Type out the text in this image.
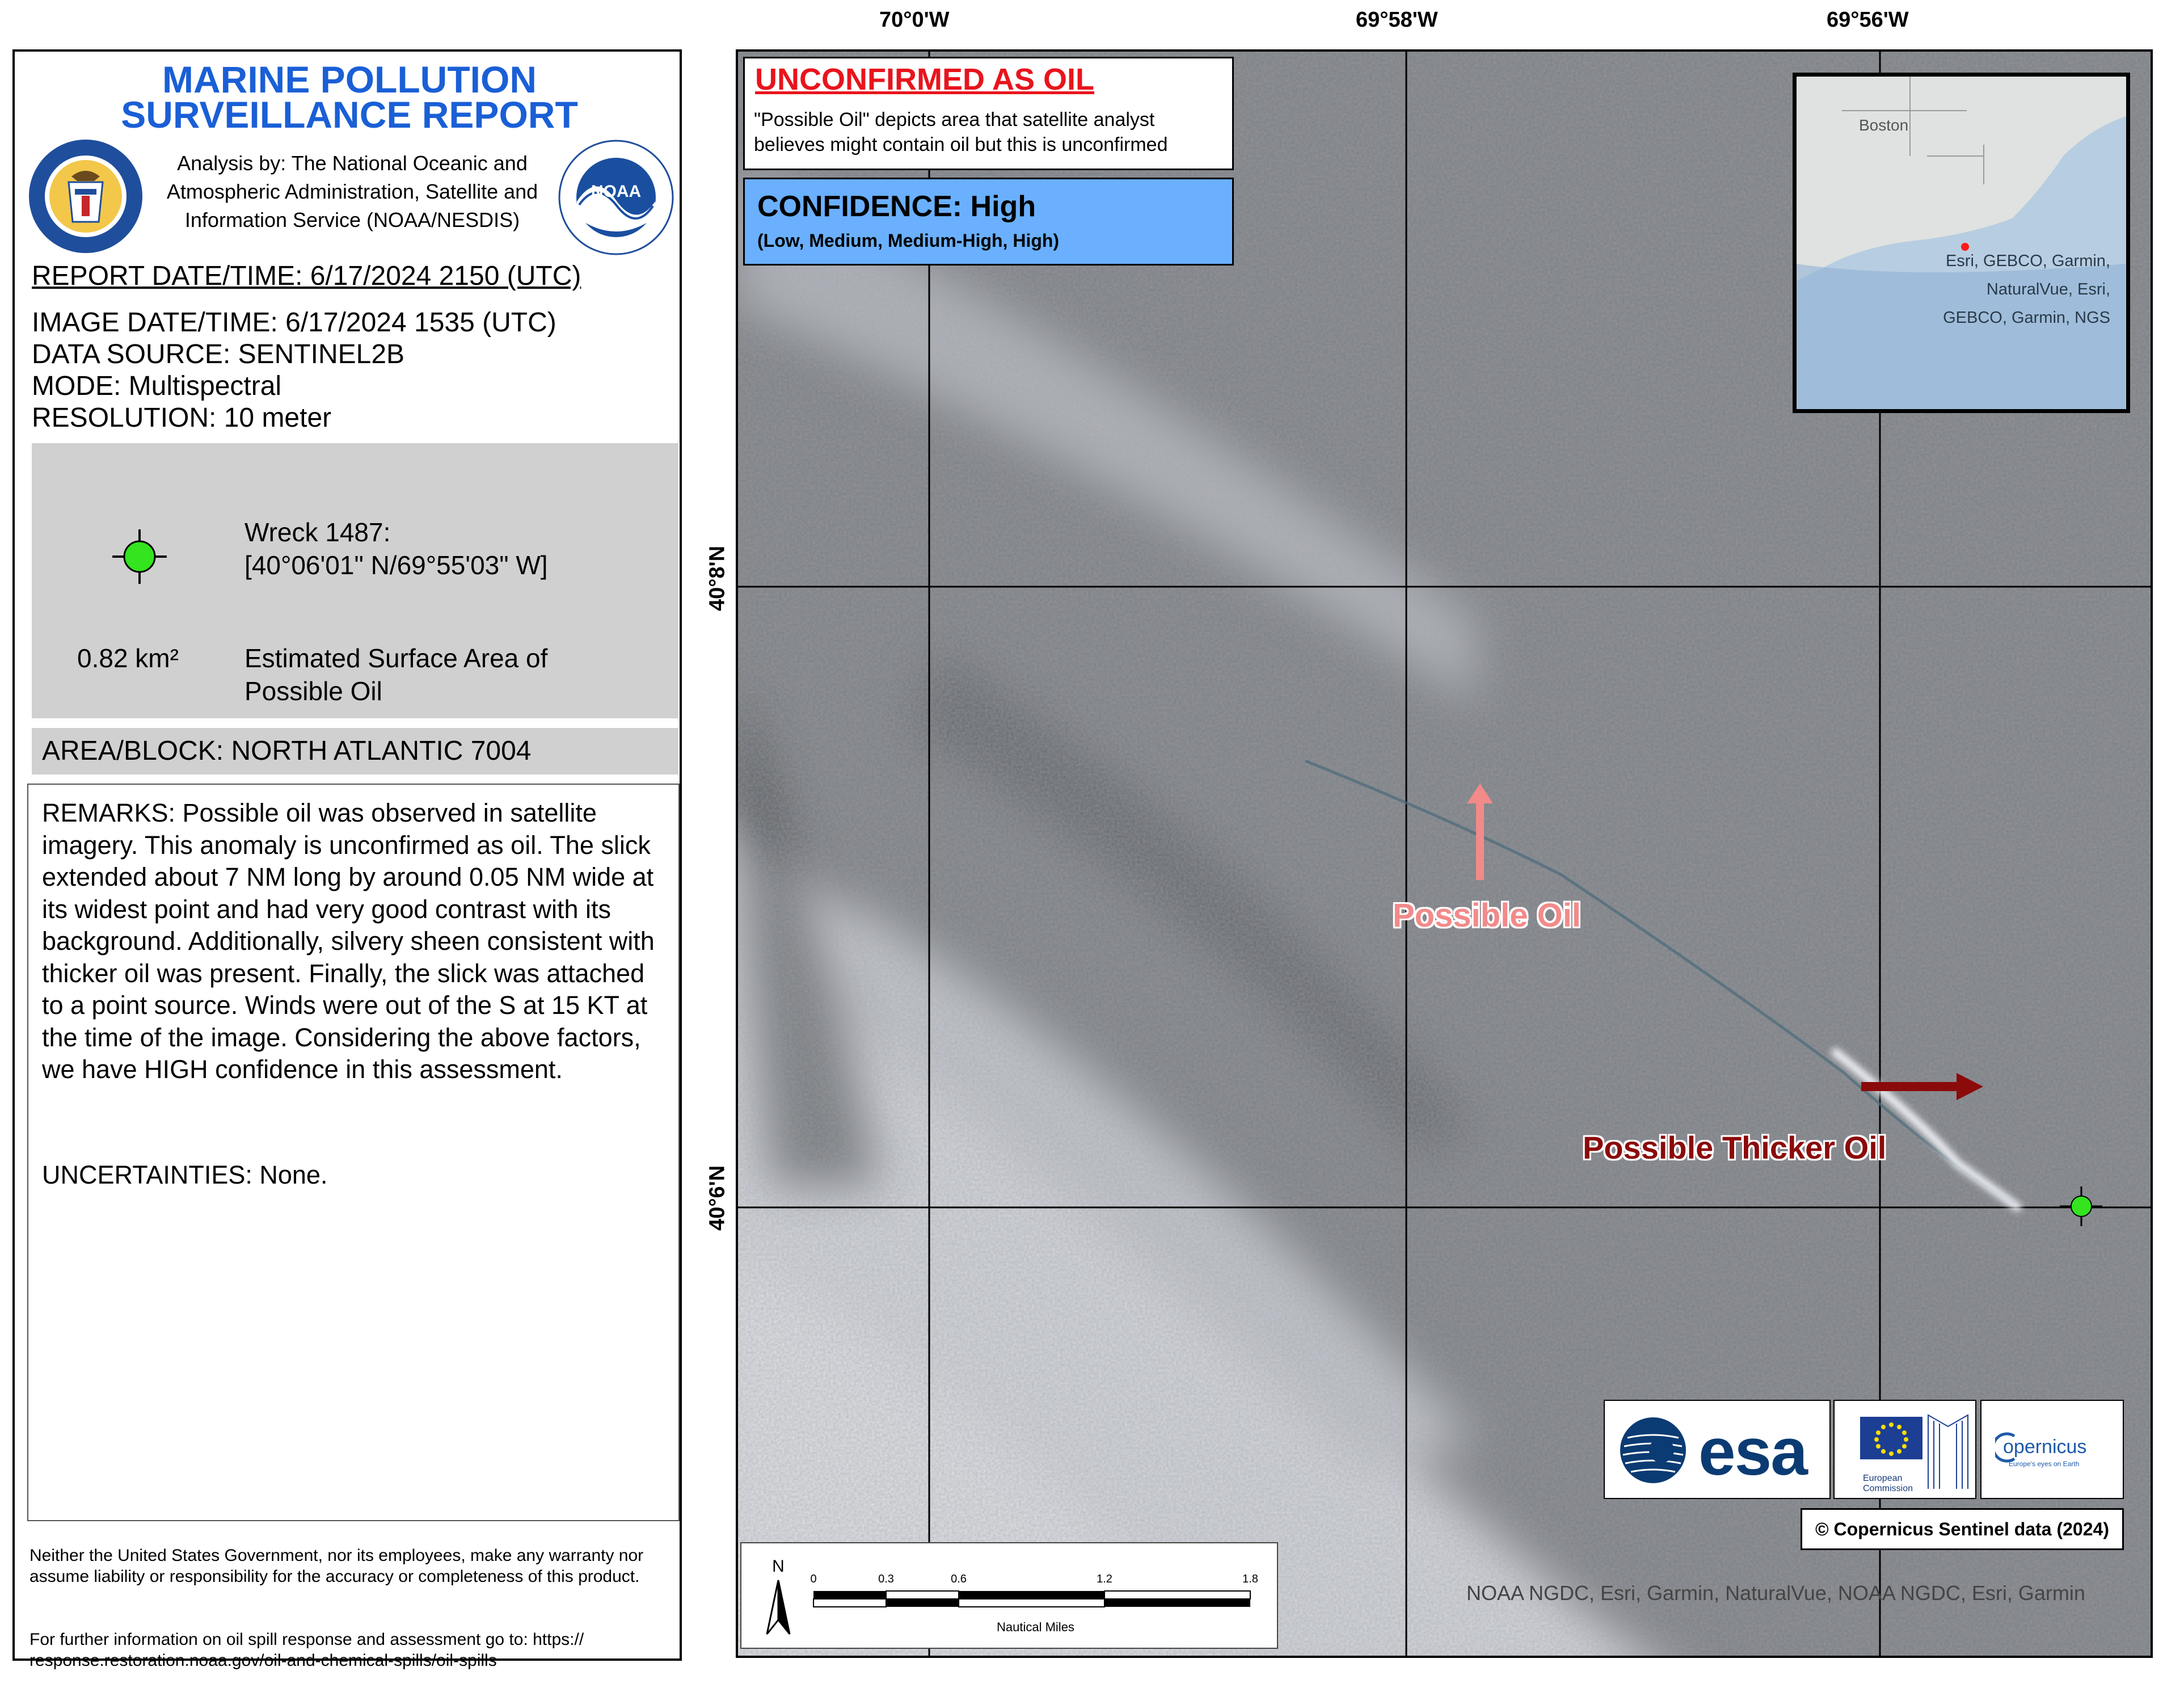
MARINE POLLUTION
SURVEILLANCE REPORT
Analysis by: The National Oceanic and Atmospheric Administration, Satellite and Information Service (NOAA/NESDIS)
NOAA
REPORT DATE/TIME: 6/17/2024 2150 (UTC)
IMAGE DATE/TIME: 6/17/2024 1535 (UTC)
DATA SOURCE: SENTINEL2B
MODE: Multispectral
RESOLUTION: 10 meter
Wreck 1487:
[40°06'01" N/69°55'03" W]
0.82 km²	Estimated Surface Area of
Possible Oil
AREA/BLOCK: NORTH ATLANTIC 7004
REMARKS: Possible oil was observed in satellite imagery. This anomaly is unconfirmed as oil. The slick extended about 7 NM long by around 0.05 NM wide at its widest point and had very good contrast with its background. Additionally, silvery sheen consistent with thicker oil was present. Finally, the slick was attached to a point source. Winds were out of the S at 15 KT at the time of the image. Considering the above factors, we have HIGH confidence in this assessment.
UNCERTAINTIES: None.
Neither the United States Government, nor its employees, make any warranty nor assume liability or responsibility for the accuracy or completeness of this product.
For further information on oil spill response and assessment go to: https:// response.restoration.noaa.gov/oil-and-chemical-spills/oil-spills
70°0'W	69°58'W	69°56'W
40°8'N
40°6'N
UNCONFIRMED AS OIL
"Possible Oil" depicts area that satellite analyst believes might contain oil but this is unconfirmed
CONFIDENCE: High
(Low, Medium, Medium-High, High)
Boston
Esri, GEBCO, Garmin, NaturalVue, Esri, GEBCO, Garmin, NGS
Possible Oil
Possible Thicker Oil
esa	European
Commission
opernicus
Europe's eyes on Earth
© Copernicus Sentinel data (2024)
NOAA NGDC, Esri, Garmin, NaturalVue, NOAA NGDC, Esri, Garmin
N
0	0.3	0.6	1.2	1.8
Nautical Miles
